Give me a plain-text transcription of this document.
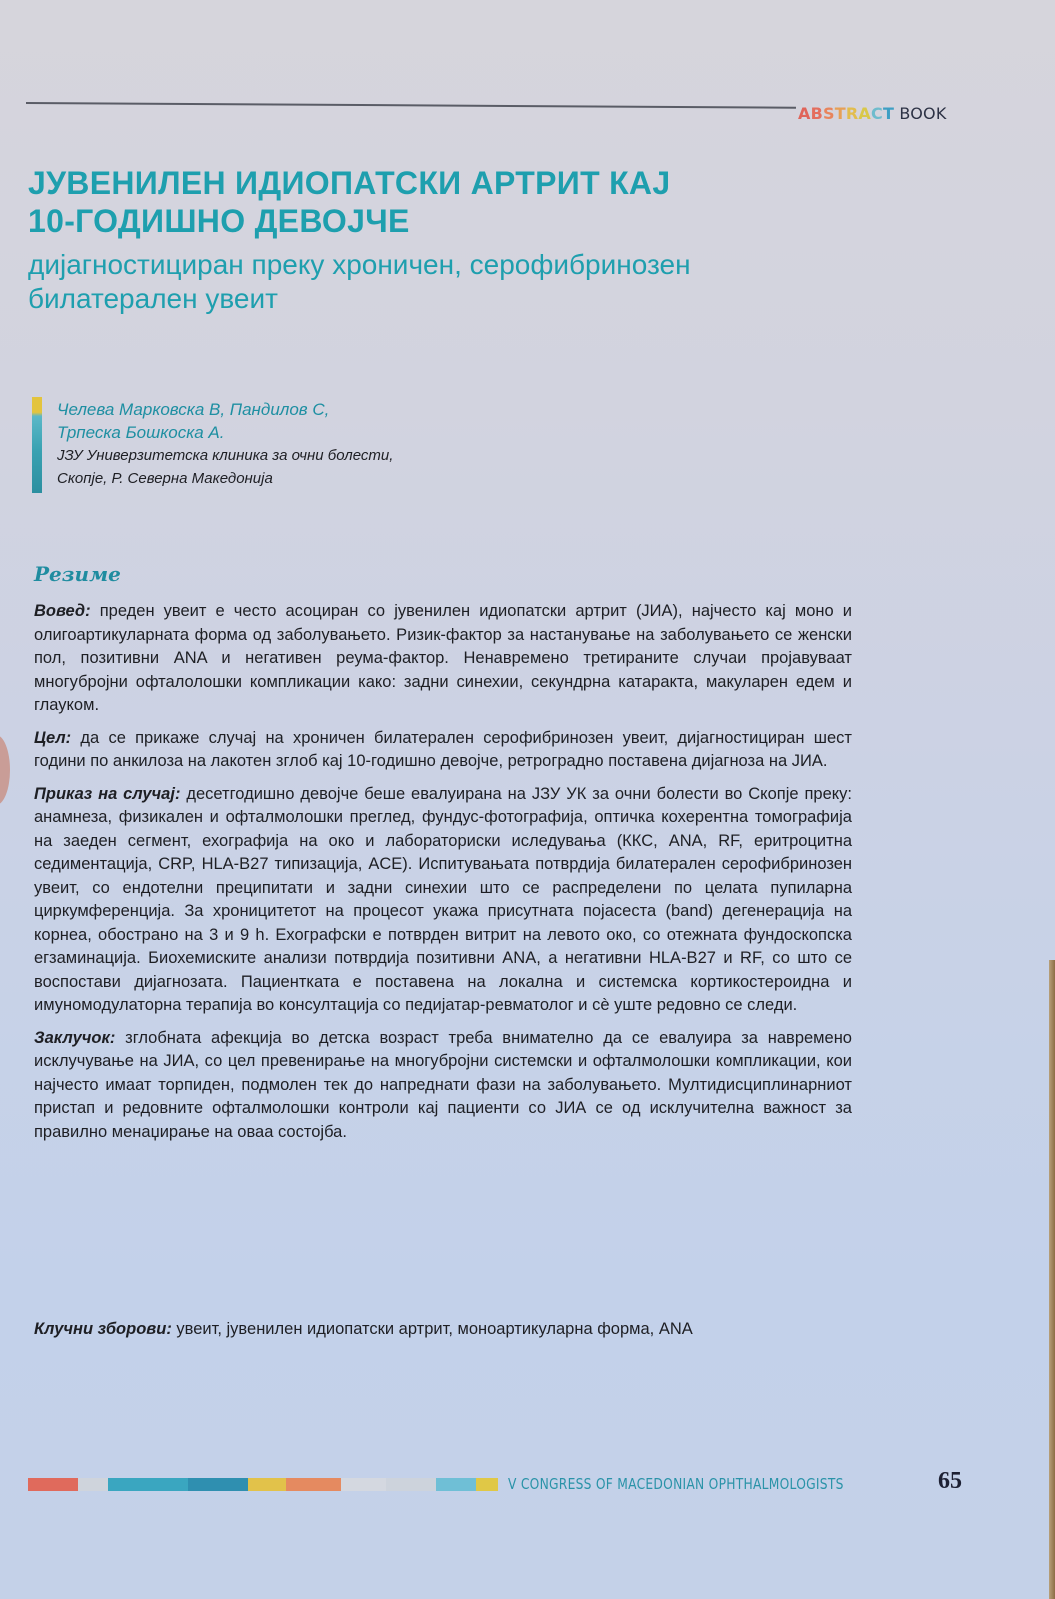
ABSTRACT BOOK
ЈУВЕНИЛЕН ИДИОПАТСКИ АРТРИТ КАЈ
10-ГОДИШНО ДЕВОЈЧЕ
дијагностициран преку хроничен, серофибринозен
билатерален увеит
Челева Марковска В, Пандилов С,
Трпеска Бошкоска А.
ЈЗУ Универзитетска клиника за очни болести,
Скопје, Р. Северна Македонија
Резиме

Вовед: преден увеит е често асоциран со јувенилен идиопатски артрит (ЈИА), најчесто кај моно и олигоартикуларната форма од заболувањето. Ризик-фактор за настанување на заболувањето се женски пол, позитивни ANA и негативен реума-фактор. Ненавремено третираните случаи пројавуваат многубројни офталолошки компликации како: задни синехии, секундрна катаракта, макуларен едем и глауком.

Цел: да се прикаже случај на хроничен билатерален серофибринозен увеит, дијагностициран шест години по анкилоза на лакотен зглоб кај 10-годишно девојче, ретроградно поставена дијагноза на ЈИА.

Приказ на случај: десетгодишно девојче беше евалуирана на ЈЗУ УК за очни болести во Скопје преку: анамнеза, физикален и офталмолошки преглед, фундус-фотографија, оптичка кохерентна томографија на заеден сегмент, ехографија на око и лабораториски иследувања (ККС, ANA, RF, еритроцитна седиментација, CRP, HLA-B27 типизација, ACE). Испитувањата потврдија билатерален серофибринозен увеит, со ендотелни преципитати и задни синехии што се распределени по целата пупиларна циркумференција. За хроницитетот на процесот укажа присутната појасеста (band) дегенерација на корнеа, обострано на 3 и 9 h. Ехографски е потврден витрит на левото око, со отежната фундоскопска егзаминација. Биохемиските анализи потврдија позитивни ANA, а негативни HLA-B27 и RF, со што се воспостави дијагнозата. Пациентката е поставена на локална и системска кортикостероидна и имуномодулаторна терапија во консултација со педијатар-ревматолог и сè уште редовно се следи.

Заклучок: зглобната афекција во детска возраст треба внимателно да се евалуира за навремено исклучување на ЈИА, со цел превенирање на многубројни системски и офталмолошки компликации, кои најчесто имаат торпиден, подмолен тек до напреднати фази на заболувањето. Мултидисциплинарниот пристап и редовните офталмолошки контроли кај пациенти со ЈИА се од исклучителна важност за правилно менаџирање на оваа состојба.

Клучни зборови: увеит, јувенилен идиопатски артрит, моноартикуларна форма, ANA
V CONGRESS OF MACEDONIAN OPHTHALMOLOGISTS	65
